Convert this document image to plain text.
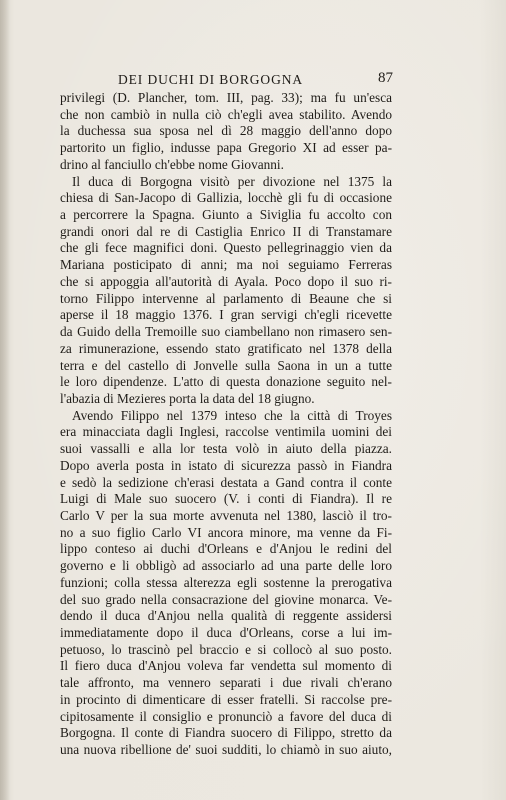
DEI DUCHI DI BORGOGNA	87
privilegi (D. Plancher, tom. III, pag. 33); ma fu un'esca
che non cambiò in nulla ciò ch'egli avea stabilito. Avendo
la duchessa sua sposa nel dì 28 maggio dell'anno dopo
partorito un figlio, indusse papa Gregorio XI ad esser pa-
drino al fanciullo ch'ebbe nome Giovanni.
Il duca di Borgogna visitò per divozione nel 1375 la
chiesa di San-Jacopo di Gallizia, locchè gli fu di occasione
a percorrere la Spagna. Giunto a Siviglia fu accolto con
grandi onori dal re di Castiglia Enrico II di Transtamare
che gli fece magnifici doni. Questo pellegrinaggio vien da
Mariana posticipato di anni; ma noi seguiamo Ferreras
che si appoggia all'autorità di Ayala. Poco dopo il suo ri-
torno Filippo intervenne al parlamento di Beaune che si
aperse il 18 maggio 1376. I gran servigi ch'egli ricevette
da Guido della Tremoille suo ciambellano non rimasero sen-
za rimunerazione, essendo stato gratificato nel 1378 della
terra e del castello di Jonvelle sulla Saona in un a tutte
le loro dipendenze. L'atto di questa donazione seguito nel-
l'abazia di Mezieres porta la data del 18 giugno.
Avendo Filippo nel 1379 inteso che la città di Troyes
era minacciata dagli Inglesi, raccolse ventimila uomini dei
suoi vassalli e alla lor testa volò in aiuto della piazza.
Dopo averla posta in istato di sicurezza passò in Fiandra
e sedò la sedizione ch'erasi destata a Gand contra il conte
Luigi di Male suo suocero (V. i conti di Fiandra). Il re
Carlo V per la sua morte avvenuta nel 1380, lasciò il tro-
no a suo figlio Carlo VI ancora minore, ma venne da Fi-
lippo conteso ai duchi d'Orleans e d'Anjou le redini del
governo e li obbligò ad associarlo ad una parte delle loro
funzioni; colla stessa alterezza egli sostenne la prerogativa
del suo grado nella consacrazione del giovine monarca. Ve-
dendo il duca d'Anjou nella qualità di reggente assidersi
immediatamente dopo il duca d'Orleans, corse a lui im-
petuoso, lo trascinò pel braccio e si collocò al suo posto.
Il fiero duca d'Anjou voleva far vendetta sul momento di
tale affronto, ma vennero separati i due rivali ch'erano
in procinto di dimenticare di esser fratelli. Si raccolse pre-
cipitosamente il consiglio e pronunciò a favore del duca di
Borgogna. Il conte di Fiandra suocero di Filippo, stretto da
una nuova ribellione de' suoi sudditi, lo chiamò in suo aiuto,
